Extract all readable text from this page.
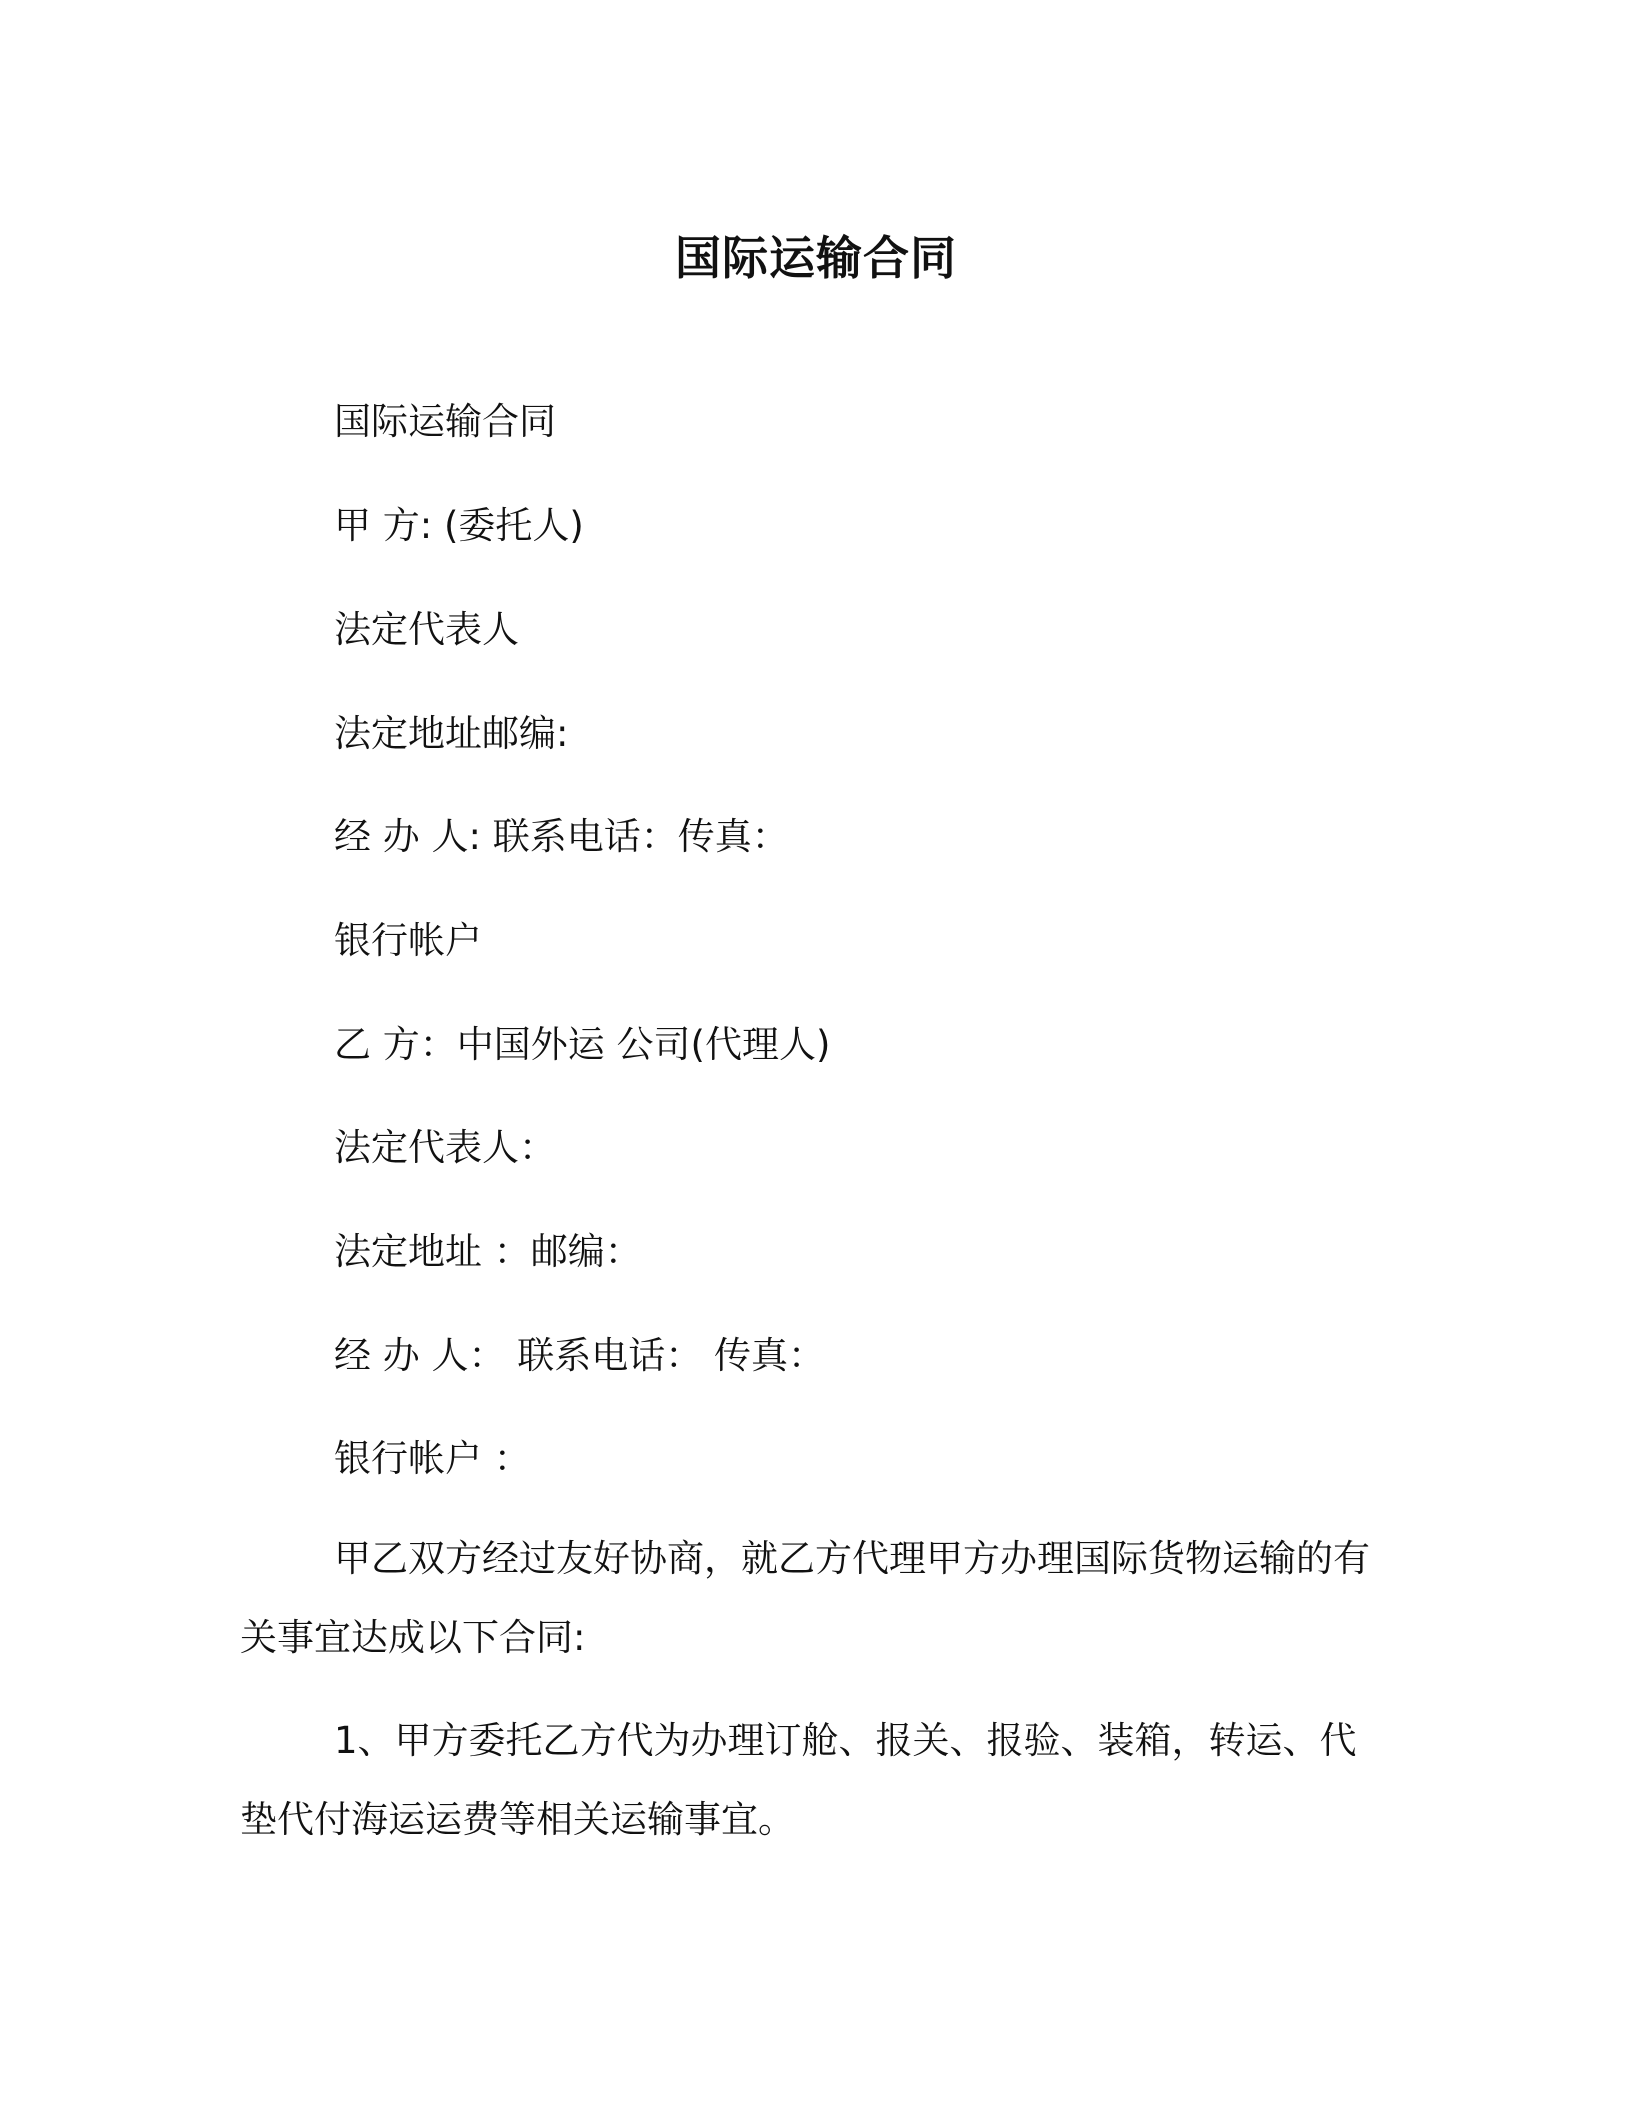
国际运输合同
国际运输合同
甲 方: (委托人)
法定代表人
法定地址邮编:
经 办 人: 联系电话：传真：
银行帐户
乙 方：中国外运 公司(代理人)
法定代表人：
法定地址 ：邮编：
经 办 人： 联系电话： 传真：
银行帐户 ：
甲乙双方经过友好协商，就乙方代理甲方办理国际货物运输的有关事宜达成以下合同:
1、甲方委托乙方代为办理订舱、报关、报验、装箱，转运、代垫代付海运运费等相关运输事宜。
